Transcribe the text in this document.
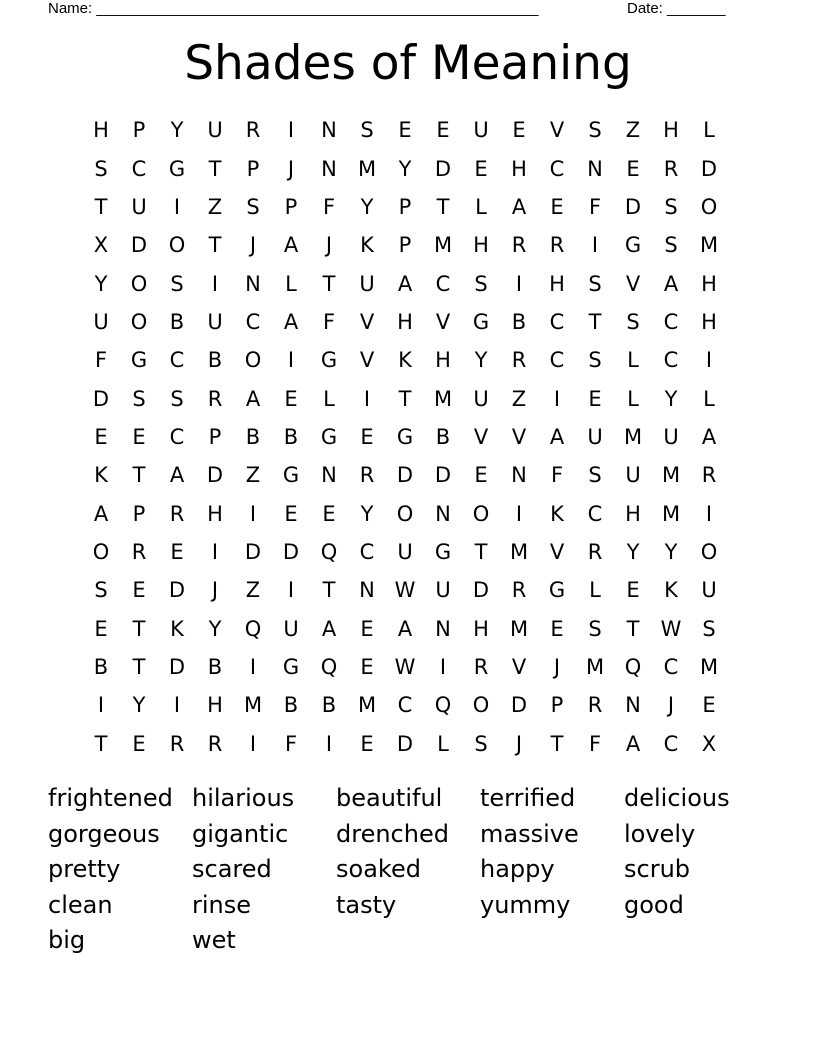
Name: _____________________________________________________	Date: _______
Shades of Meaning
H	P	Y	U	R	I	N	S	E	E	U	E	V	S	Z	H	L
S	C	G	T	P	J	N	M	Y	D	E	H	C	N	E	R	D
T	U	I	Z	S	P	F	Y	P	T	L	A	E	F	D	S	O
X	D	O	T	J	A	J	K	P	M	H	R	R	I	G	S	M
Y	O	S	I	N	L	T	U	A	C	S	I	H	S	V	A	H
U	O	B	U	C	A	F	V	H	V	G	B	C	T	S	C	H
F	G	C	B	O	I	G	V	K	H	Y	R	C	S	L	C	I
D	S	S	R	A	E	L	I	T	M	U	Z	I	E	L	Y	L
E	E	C	P	B	B	G	E	G	B	V	V	A	U	M	U	A
K	T	A	D	Z	G	N	R	D	D	E	N	F	S	U	M	R
A	P	R	H	I	E	E	Y	O	N	O	I	K	C	H	M	I
O	R	E	I	D	D	Q	C	U	G	T	M	V	R	Y	Y	O
S	E	D	J	Z	I	T	N W U	D	R	G	L	E	K	U
E	T	K	Y	Q	U	A	E	A	N	H	M	E	S	T	W S
B	T	D	B	I	G	Q	E W	I	R	V	J	M Q	C	M
I	Y	I	H	M	B	B	M	C	Q	O	D	P	R	N	J	E
T	E	R	R	I	F	I	E	D	L	S	J	T	F	A	C	X
frightened hilarious	beautiful	terrified	delicious
gorgeous	gigantic	drenched	massive	lovely
pretty	scared	soaked	happy	scrub
clean	rinse	tasty	yummy	good
big	wet
